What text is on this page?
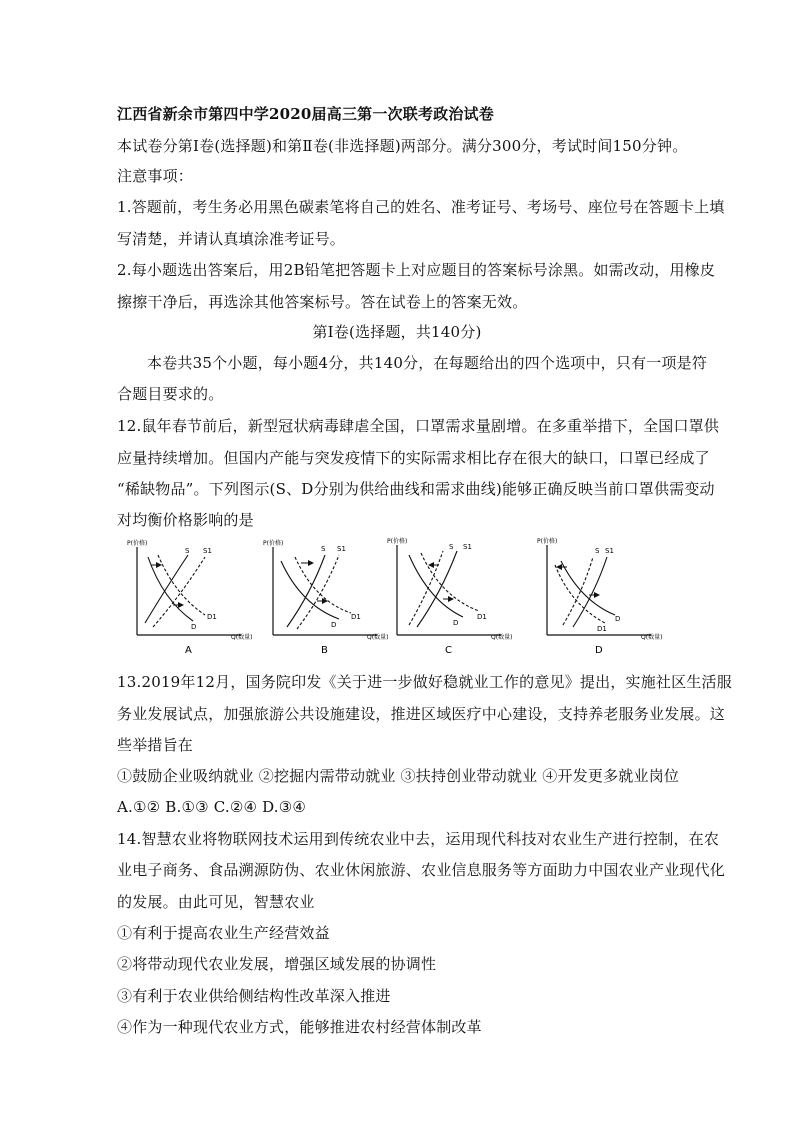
江西省新余市第四中学2020届高三第一次联考政治试卷
本试卷分第Ⅰ卷(选择题)和第Ⅱ卷(非选择题)两部分。满分300分，考试时间150分钟。
注意事项：
1.答题前，考生务必用黑色碳素笔将自己的姓名、准考证号、考场号、座位号在答题卡上填
写清楚，并请认真填涂准考证号。
2.每小题选出答案后，用2B铅笔把答题卡上对应题目的答案标号涂黑。如需改动，用橡皮
擦擦干净后，再选涂其他答案标号。答在试卷上的答案无效。
第Ⅰ卷(选择题，共140分)
本卷共35个小题，每小题4分，共140分，在每题给出的四个选项中，只有一项是符
合题目要求的。
12.鼠年春节前后，新型冠状病毒肆虐全国，口罩需求量剧增。在多重举措下，全国口罩供
应量持续增加。但国内产能与突发疫情下的实际需求相比存在很大的缺口，口罩已经成了
“稀缺物品”。下列图示(S、D分别为供给曲线和需求曲线)能够正确反映当前口罩供需变动
对均衡价格影响的是
P(价格)
Q(数量)
S S1
D
D1
A
P(价格)
Q(数量)
S S1
D
D1
B
P(价格)
Q(数量)
S S1
D
D1
C
P(价格)
Q(数量)
S S1
D
D1
D
13.2019年12月，国务院印发《关于进一步做好稳就业工作的意见》提出，实施社区生活服
务业发展试点，加强旅游公共设施建设，推进区域医疗中心建设，支持养老服务业发展。这
些举措旨在
①鼓励企业吸纳就业 ②挖掘内需带动就业 ③扶持创业带动就业 ④开发更多就业岗位
A.①② B.①③ C.②④ D.③④
14.智慧农业将物联网技术运用到传统农业中去，运用现代科技对农业生产进行控制，在农
业电子商务、食品溯源防伪、农业休闲旅游、农业信息服务等方面助力中国农业产业现代化
的发展。由此可见，智慧农业
①有利于提高农业生产经营效益
②将带动现代农业发展，增强区域发展的协调性
③有利于农业供给侧结构性改革深入推进
④作为一种现代农业方式，能够推进农村经营体制改革
